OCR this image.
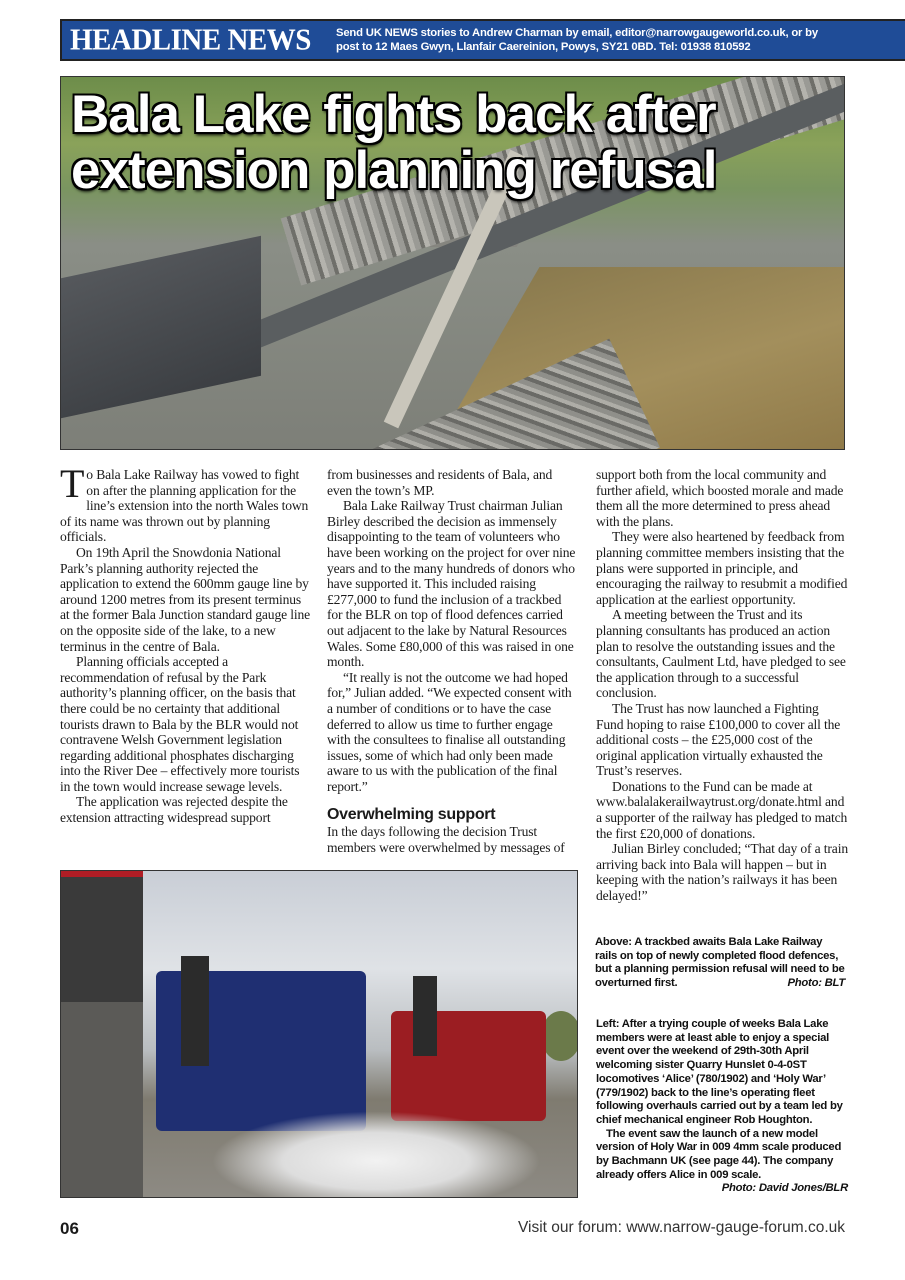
HEADLINE NEWS	Send UK NEWS stories to Andrew Charman by email, editor@narrowgaugeworld.co.uk, or by
post to 12 Maes Gwyn, Llanfair Caereinion, Powys, SY21 0BD. Tel: 01938 810592
Bala Lake fights back after
extension planning refusal

To Bala Lake Railway has vowed to fight on after the planning application for the line’s extension into the north Wales town of its name was thrown out by planning officials.

On 19th April the Snowdonia National Park’s planning authority rejected the application to extend the 600mm gauge line by around 1200 metres from its present terminus at the former Bala Junction standard gauge line on the opposite side of the lake, to a new terminus in the centre of Bala.

Planning officials accepted a recommendation of refusal by the Park authority’s planning officer, on the basis that there could be no certainty that additional tourists drawn to Bala by the BLR would not contravene Welsh Government legislation regarding additional phosphates discharging into the River Dee – effectively more tourists in the town would increase sewage levels.

The application was rejected despite the extension attracting widespread support

from businesses and residents of Bala, and even the town’s MP.

Bala Lake Railway Trust chairman Julian Birley described the decision as immensely disappointing to the team of volunteers who have been working on the project for over nine years and to the many hundreds of donors who have supported it. This included raising £277,000 to fund the inclusion of a trackbed for the BLR on top of flood defences carried out adjacent to the lake by Natural Resources Wales. Some £80,000 of this was raised in one month.

“It really is not the outcome we had hoped for,” Julian added. “We expected consent with a number of conditions or to have the case deferred to allow us time to further engage with the consultees to finalise all outstanding issues, some of which had only been made aware to us with the publication of the final report.”

Overwhelming support

In the days following the decision Trust members were overwhelmed by messages of

support both from the local community and further afield, which boosted morale and made them all the more determined to press ahead with the plans.

They were also heartened by feedback from planning committee members insisting that the plans were supported in principle, and encouraging the railway to resubmit a modified application at the earliest opportunity.

A meeting between the Trust and its planning consultants has produced an action plan to resolve the outstanding issues and the consultants, Caulment Ltd, have pledged to see the application through to a successful conclusion.

The Trust has now launched a Fighting Fund hoping to raise £100,000 to cover all the additional costs – the £25,000 cost of the original application virtually exhausted the Trust’s reserves.

Donations to the Fund can be made at www.balalakerailwaytrust.org/donate.html and a supporter of the railway has pledged to match the first £20,000 of donations.

Julian Birley concluded; “That day of a train arriving back into Bala will happen – but in keeping with the nation’s railways it has been delayed!”

Above: A trackbed awaits Bala Lake Railway rails on top of newly completed flood defences, but a planning permission refusal will need to be overturned first.	Photo: BLT
Left: After a trying couple of weeks Bala Lake members were at least able to enjoy a special event over the weekend of 29th-30th April welcoming sister Quarry Hunslet 0-4-0ST locomotives ‘Alice’ (780/1902) and ‘Holy War’ (779/1902) back to the line’s operating fleet following overhauls carried out by a team led by chief mechanical engineer Rob Houghton.
The event saw the launch of a new model version of Holy War in 009 4mm scale produced by Bachmann UK (see page 44). The company already offers Alice in 009 scale.
Photo: David Jones/BLR
06	Visit our forum: www.narrow-gauge-forum.co.uk
